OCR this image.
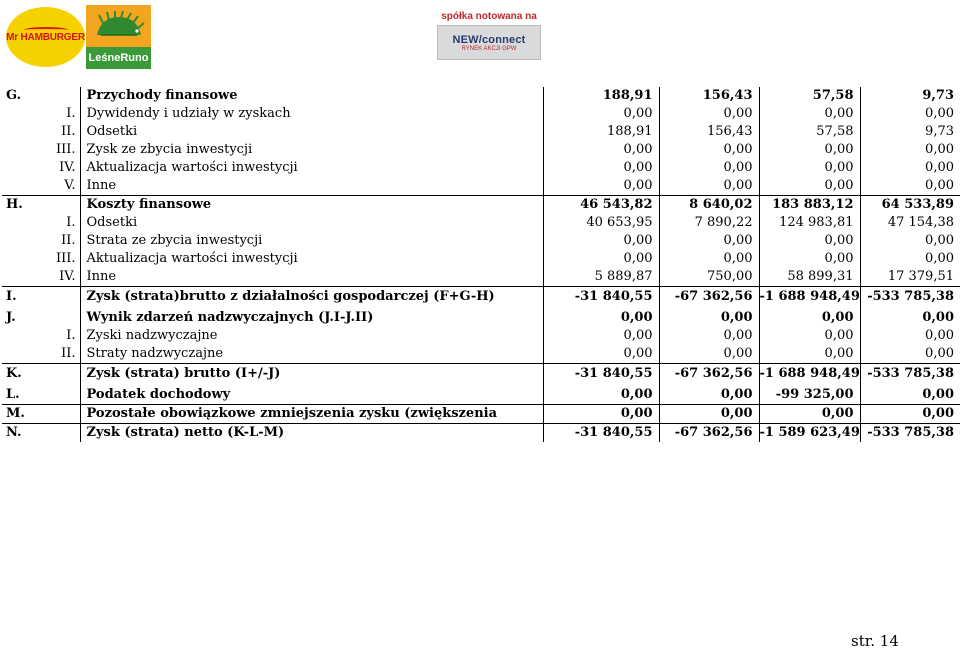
Mr HAMBURGER
LeśneRuno
spółka notowana na
NEW/connect
RYNEK AKCJI GPW
G.	Przychody finansowe	188,91	156,43	57,58	9,73
I.	Dywidendy i udziały w zyskach	0,00	0,00	0,00	0,00
II.	Odsetki	188,91	156,43	57,58	9,73
III.	Zysk ze zbycia inwestycji	0,00	0,00	0,00	0,00
IV.	Aktualizacja wartości inwestycji	0,00	0,00	0,00	0,00
V.	Inne	0,00	0,00	0,00	0,00
H.	Koszty finansowe	46 543,82	8 640,02	183 883,12	64 533,89
I.	Odsetki	40 653,95	7 890,22	124 983,81	47 154,38
II.	Strata ze zbycia inwestycji	0,00	0,00	0,00	0,00
III.	Aktualizacja wartości inwestycji	0,00	0,00	0,00	0,00
IV.	Inne	5 889,87	750,00	58 899,31	17 379,51
I.	Zysk (strata)brutto z działalności gospodarczej (F+G-H)	-31 840,55	-67 362,56	-1 688 948,49	-533 785,38
J.	Wynik zdarzeń nadzwyczajnych (J.I-J.II)	0,00	0,00	0,00	0,00
I.	Zyski nadzwyczajne	0,00	0,00	0,00	0,00
II.	Straty nadzwyczajne	0,00	0,00	0,00	0,00
K.	Zysk (strata) brutto (I+/-J)	-31 840,55	-67 362,56	-1 688 948,49	-533 785,38
L.	Podatek dochodowy	0,00	0,00	-99 325,00	0,00
M.	Pozostałe obowiązkowe zmniejszenia zysku (zwiększenia	0,00	0,00	0,00	0,00
N.	Zysk (strata) netto (K-L-M)	-31 840,55	-67 362,56	-1 589 623,49	-533 785,38
str. 14
